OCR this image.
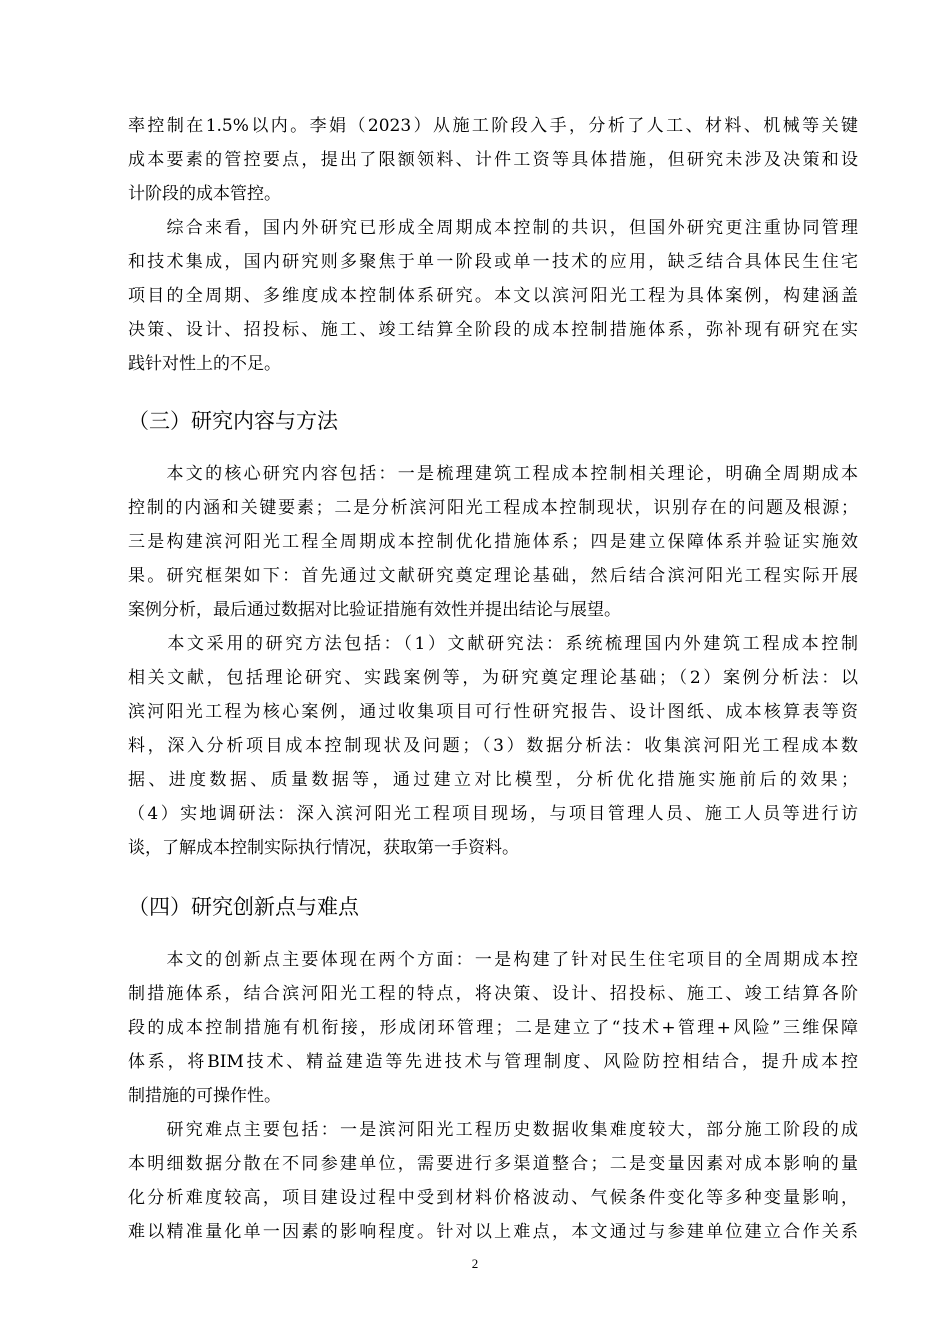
率控制在1.5%以内。李娟（2023）从施工阶段入手，分析了人工、材料、机械等关键
成本要素的管控要点，提出了限额领料、计件工资等具体措施，但研究未涉及决策和设
计阶段的成本管控。
　　综合来看，国内外研究已形成全周期成本控制的共识，但国外研究更注重协同管理
和技术集成，国内研究则多聚焦于单一阶段或单一技术的应用，缺乏结合具体民生住宅
项目的全周期、多维度成本控制体系研究。本文以滨河阳光工程为具体案例，构建涵盖
决策、设计、招投标、施工、竣工结算全阶段的成本控制措施体系，弥补现有研究在实
践针对性上的不足。
（三）研究内容与方法
　　本文的核心研究内容包括：一是梳理建筑工程成本控制相关理论，明确全周期成本
控制的内涵和关键要素；二是分析滨河阳光工程成本控制现状，识别存在的问题及根源；
三是构建滨河阳光工程全周期成本控制优化措施体系；四是建立保障体系并验证实施效
果。研究框架如下：首先通过文献研究奠定理论基础，然后结合滨河阳光工程实际开展
案例分析，最后通过数据对比验证措施有效性并提出结论与展望。
　　本文采用的研究方法包括：（1）文献研究法：系统梳理国内外建筑工程成本控制
相关文献，包括理论研究、实践案例等，为研究奠定理论基础；（2）案例分析法：以
滨河阳光工程为核心案例，通过收集项目可行性研究报告、设计图纸、成本核算表等资
料，深入分析项目成本控制现状及问题；（3）数据分析法：收集滨河阳光工程成本数
据、进度数据、质量数据等，通过建立对比模型，分析优化措施实施前后的效果；
（4）实地调研法：深入滨河阳光工程项目现场，与项目管理人员、施工人员等进行访
谈，了解成本控制实际执行情况，获取第一手资料。
（四）研究创新点与难点
　　本文的创新点主要体现在两个方面：一是构建了针对民生住宅项目的全周期成本控
制措施体系，结合滨河阳光工程的特点，将决策、设计、招投标、施工、竣工结算各阶
段的成本控制措施有机衔接，形成闭环管理；二是建立了“技术+管理+风险”三维保障
体系，将BIM技术、精益建造等先进技术与管理制度、风险防控相结合，提升成本控
制措施的可操作性。
　　研究难点主要包括：一是滨河阳光工程历史数据收集难度较大，部分施工阶段的成
本明细数据分散在不同参建单位，需要进行多渠道整合；二是变量因素对成本影响的量
化分析难度较高，项目建设过程中受到材料价格波动、气候条件变化等多种变量影响，
难以精准量化单一因素的影响程度。针对以上难点，本文通过与参建单位建立合作关系
2
